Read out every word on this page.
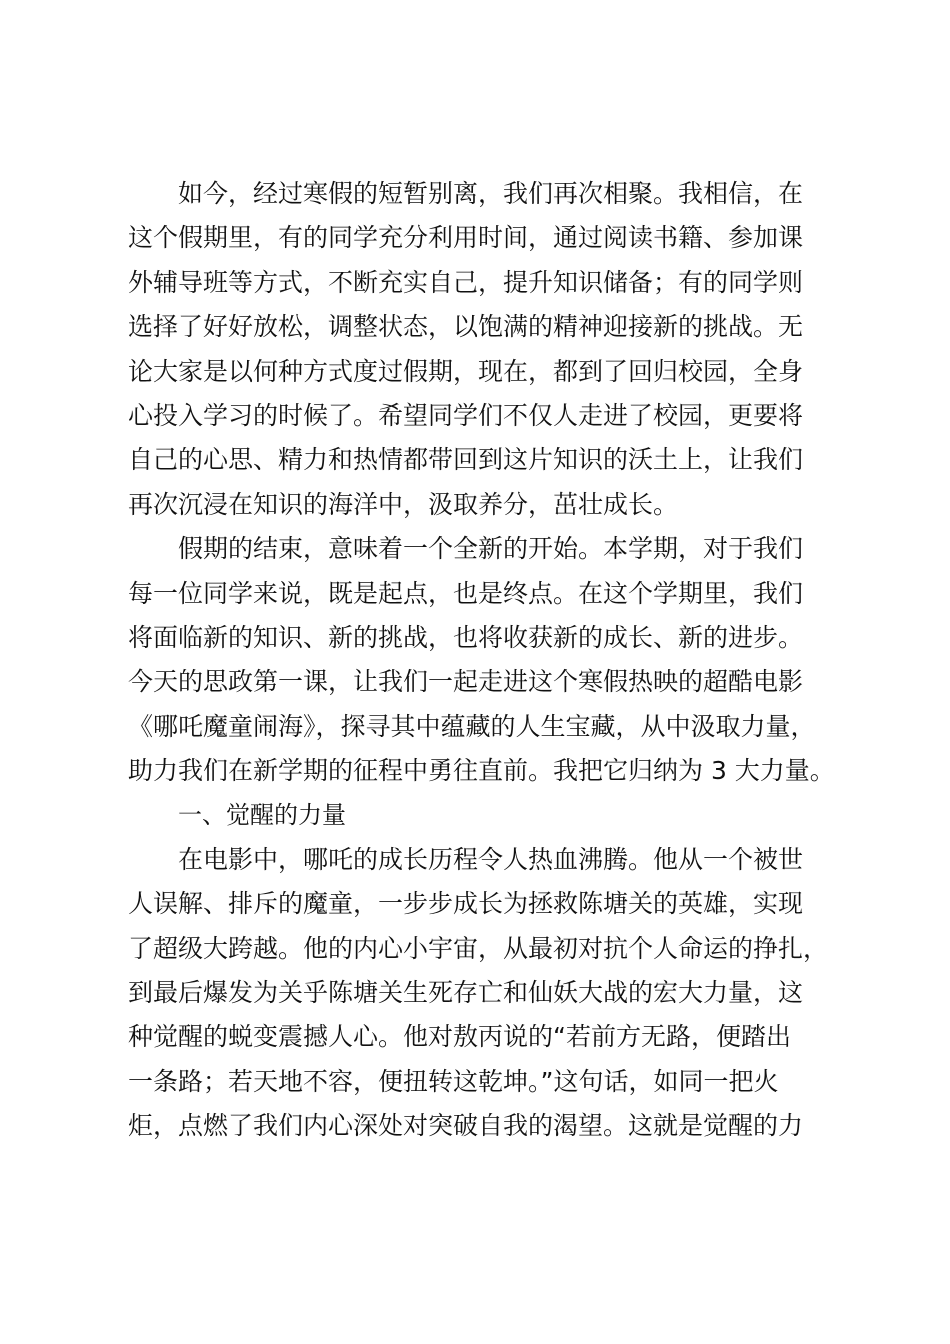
如今，经过寒假的短暂别离，我们再次相聚。我相信，在
这个假期里，有的同学充分利用时间，通过阅读书籍、参加课
外辅导班等方式，不断充实自己，提升知识储备；有的同学则
选择了好好放松，调整状态，以饱满的精神迎接新的挑战。无
论大家是以何种方式度过假期，现在，都到了回归校园，全身
心投入学习的时候了。希望同学们不仅人走进了校园，更要将
自己的心思、精力和热情都带回到这片知识的沃土上，让我们
再次沉浸在知识的海洋中，汲取养分，茁壮成长。
假期的结束，意味着一个全新的开始。本学期，对于我们
每一位同学来说，既是起点，也是终点。在这个学期里，我们
将面临新的知识、新的挑战，也将收获新的成长、新的进步。
今天的思政第一课，让我们一起走进这个寒假热映的超酷电影
《哪吒魔童闹海》，探寻其中蕴藏的人生宝藏，从中汲取力量，
助力我们在新学期的征程中勇往直前。我把它归纳为 3 大力量。
一、觉醒的力量
在电影中，哪吒的成长历程令人热血沸腾。他从一个被世
人误解、排斥的魔童，一步步成长为拯救陈塘关的英雄，实现
了超级大跨越。他的内心小宇宙，从最初对抗个人命运的挣扎，
到最后爆发为关乎陈塘关生死存亡和仙妖大战的宏大力量，这
种觉醒的蜕变震撼人心。他对敖丙说的“若前方无路，便踏出
一条路；若天地不容，便扭转这乾坤。”这句话，如同一把火
炬，点燃了我们内心深处对突破自我的渴望。这就是觉醒的力
